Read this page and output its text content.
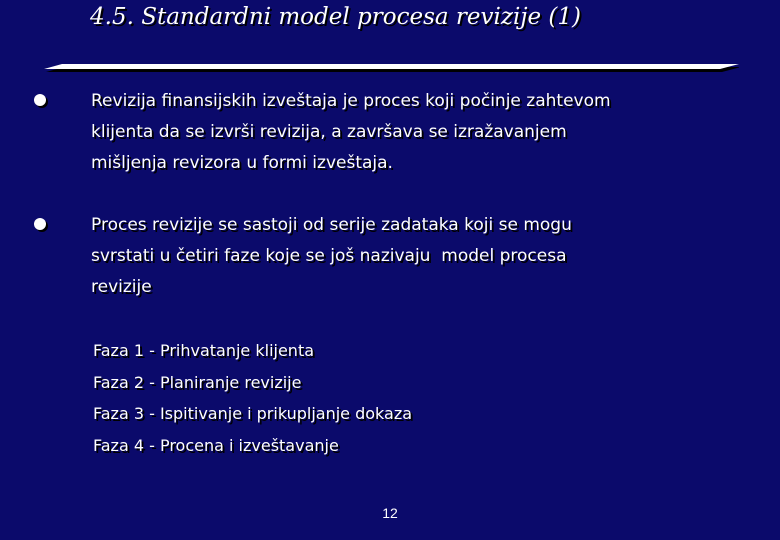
4.5. Standardni model procesa revizije (1)
Revizija finansijskih izveštaja je proces koji počinje zahtevom
klijenta da se izvrši revizija, a završava se izražavanjem
mišljenja revizora u formi izveštaja.
Proces revizije se sastoji od serije zadataka koji se mogu
svrstati u četiri faze koje se još nazivaju  model procesa
revizije
Faza 1 - Prihvatanje klijenta
Faza 2 - Planiranje revizije
Faza 3 - Ispitivanje i prikupljanje dokaza
Faza 4 - Procena i izveštavanje
12
